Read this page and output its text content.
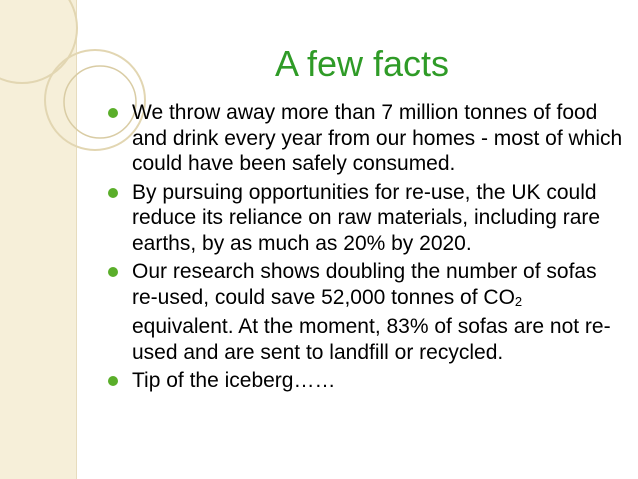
A few facts
We throw away more than 7 million tonnes of food and drink every year from our homes - most of which could have been safely consumed.
By pursuing opportunities for re-use, the UK could reduce its reliance on raw materials, including rare earths, by as much as 20% by 2020.
Our research shows doubling the number of sofas re-used, could save 52,000 tonnes of CO2 equivalent. At the moment, 83% of sofas are not re-used and are sent to landfill or recycled.
Tip of the iceberg……
